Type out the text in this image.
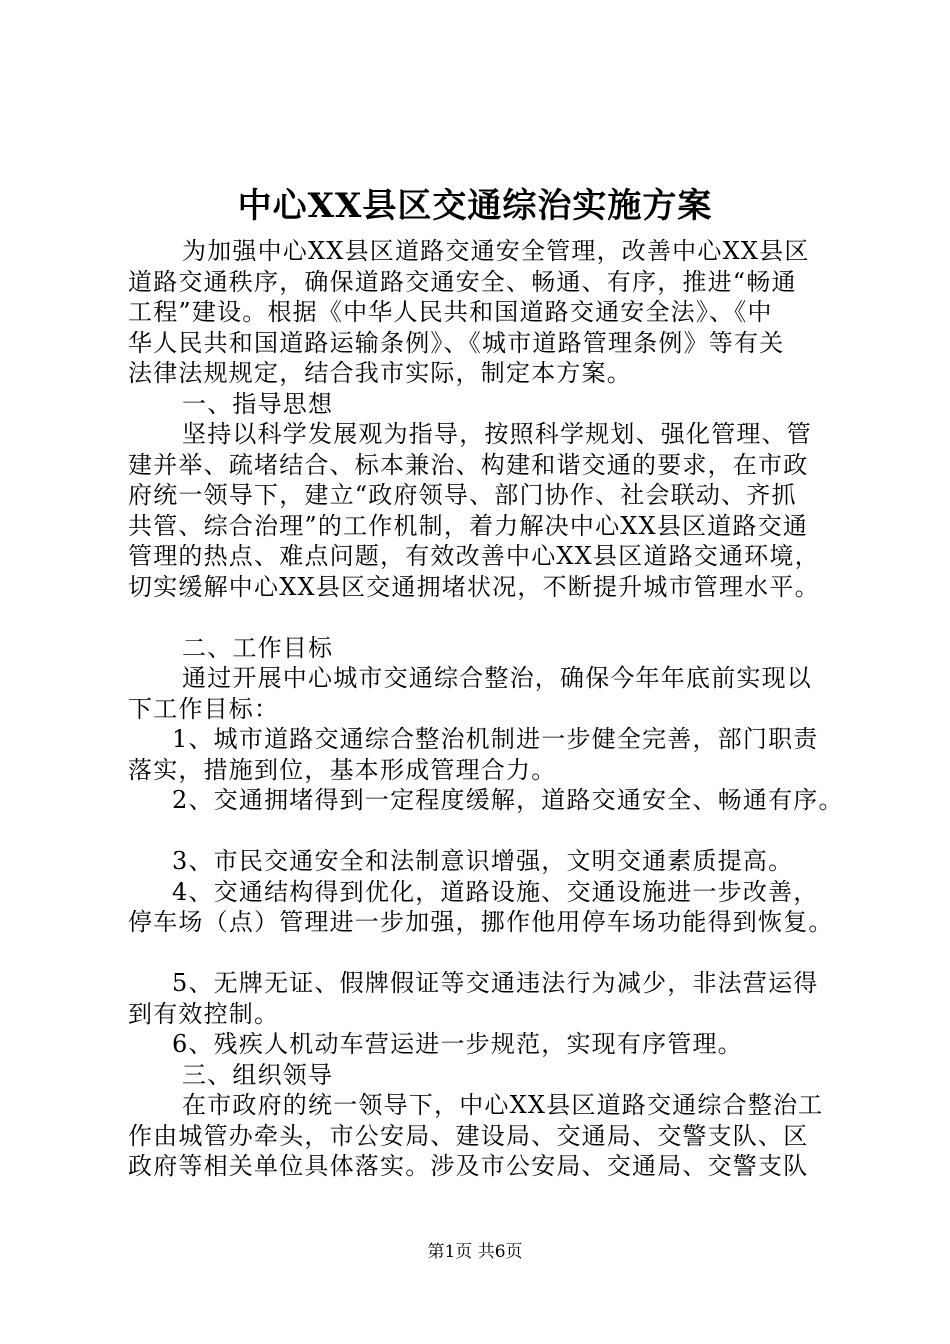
中心XX县区交通综治实施方案
为加强中心XX县区道路交通安全管理，改善中心XX县区
道路交通秩序，确保道路交通安全、畅通、有序，推进“畅通
工程”建设。根据《中华人民共和国道路交通安全法》、《中
华人民共和国道路运输条例》、《城市道路管理条例》等有关
法律法规规定，结合我市实际，制定本方案。
一、指导思想
坚持以科学发展观为指导，按照科学规划、强化管理、管
建并举、疏堵结合、标本兼治、构建和谐交通的要求，在市政
府统一领导下，建立“政府领导、部门协作、社会联动、齐抓
共管、综合治理”的工作机制，着力解决中心XX县区道路交通
管理的热点、难点问题，有效改善中心XX县区道路交通环境，
切实缓解中心XX县区交通拥堵状况，不断提升城市管理水平。
二、工作目标
通过开展中心城市交通综合整治，确保今年年底前实现以
下工作目标：
1、城市道路交通综合整治机制进一步健全完善，部门职责
落实，措施到位，基本形成管理合力。
2、交通拥堵得到一定程度缓解，道路交通安全、畅通有序。
3、市民交通安全和法制意识增强，文明交通素质提高。
4、交通结构得到优化，道路设施、交通设施进一步改善，
停车场（点）管理进一步加强，挪作他用停车场功能得到恢复。
5、无牌无证、假牌假证等交通违法行为减少，非法营运得
到有效控制。
6、残疾人机动车营运进一步规范，实现有序管理。
三、组织领导
在市政府的统一领导下，中心XX县区道路交通综合整治工
作由城管办牵头，市公安局、建设局、交通局、交警支队、区
政府等相关单位具体落实。涉及市公安局、交通局、交警支队
第1页 共6页
